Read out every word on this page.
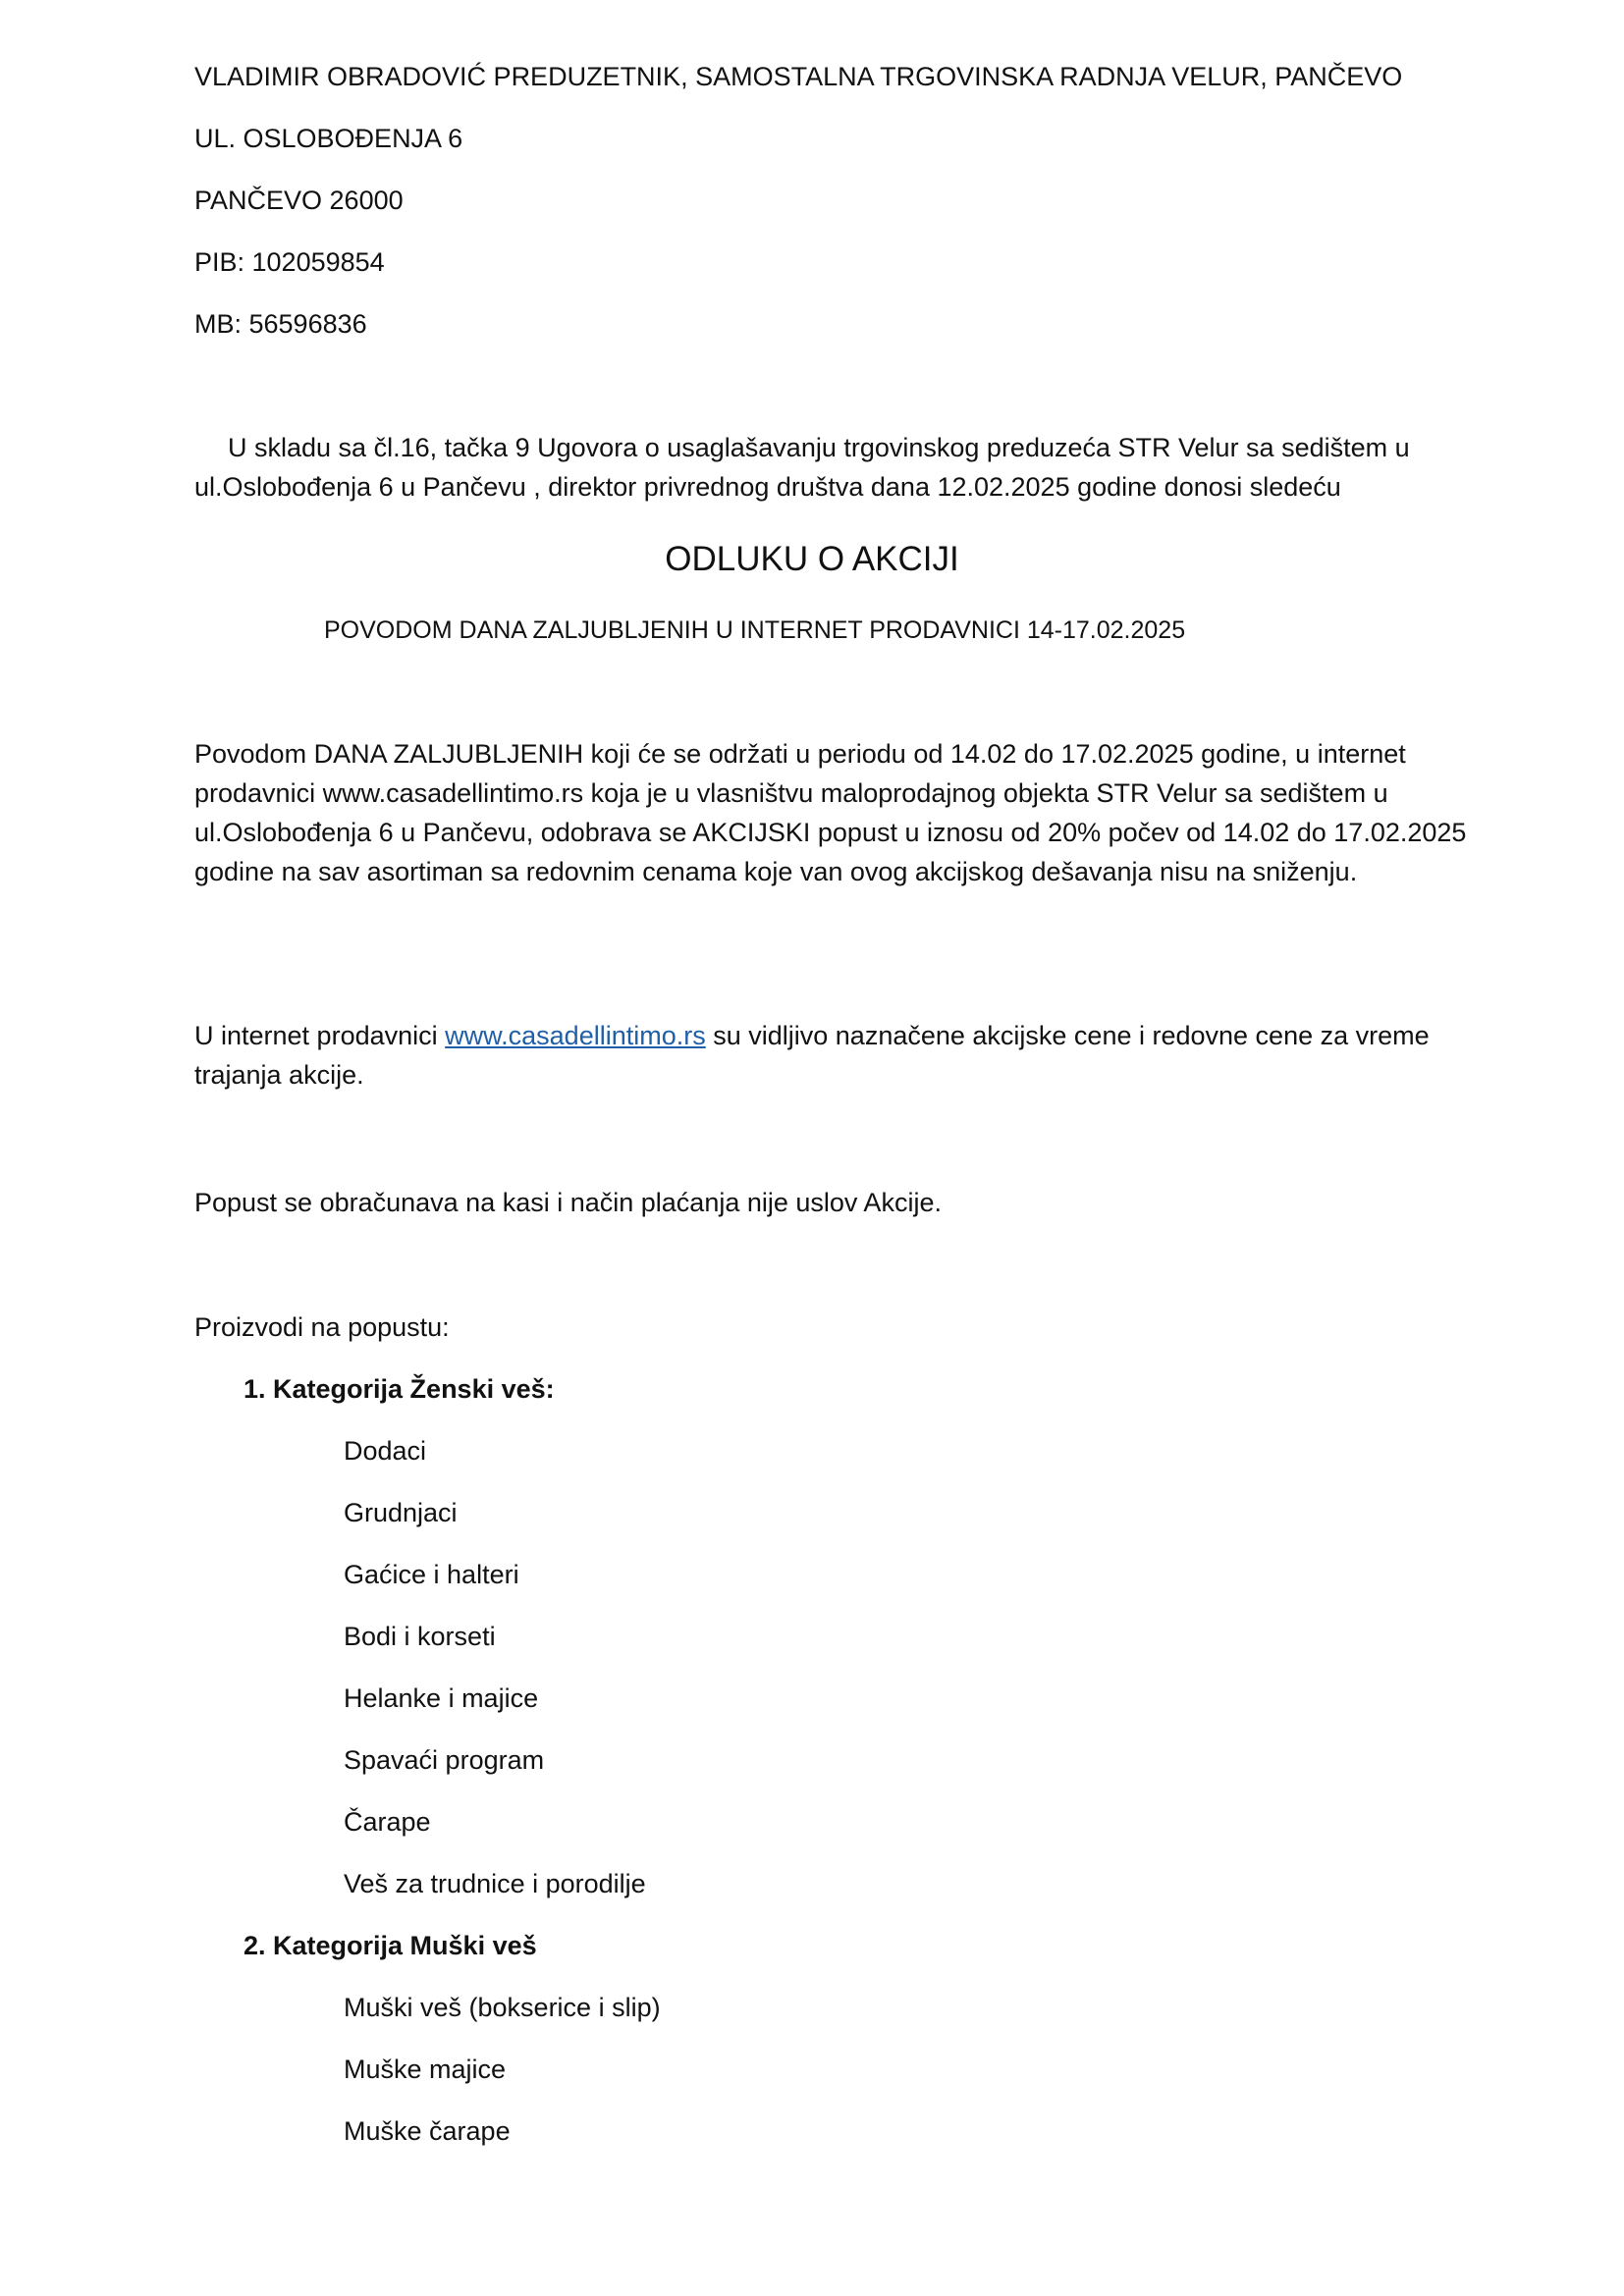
VLADIMIR OBRADOVIĆ PREDUZETNIK, SAMOSTALNA TRGOVINSKA RADNJA VELUR, PANČEVO

UL. OSLOBOĐENJA 6

PANČEVO 26000

PIB: 102059854

MB: 56596836

U skladu sa čl.16, tačka 9 Ugovora o usaglašavanju trgovinskog preduzeća STR Velur sa sedištem u ul.Oslobođenja 6 u Pančevu , direktor privrednog društva dana 12.02.2025 godine donosi sledeću

ODLUKU O AKCIJI

POVODOM DANA ZALJUBLJENIH U INTERNET PRODAVNICI 14-17.02.2025

Povodom DANA ZALJUBLJENIH koji će se održati u periodu od 14.02 do 17.02.2025 godine, u internet prodavnici www.casadellintimo.rs koja je u vlasništvu maloprodajnog objekta STR Velur sa sedištem u ul.Oslobođenja 6 u Pančevu, odobrava se AKCIJSKI popust u iznosu od 20% počev od 14.02 do 17.02.2025 godine na sav asortiman sa redovnim cenama koje van ovog akcijskog dešavanja nisu na sniženju.

U internet prodavnici www.casadellintimo.rs su vidljivo naznačene akcijske cene i redovne cene za vreme trajanja akcije.

Popust se obračunava na kasi i način plaćanja nije uslov Akcije.

Proizvodi na popustu:

1. Kategorija Ženski veš:

Dodaci

Grudnjaci

Gaćice i halteri

Bodi i korseti

Helanke i majice

Spavaći program

Čarape

Veš za trudnice i porodilje

2. Kategorija Muški veš

Muški veš (bokserice i slip)

Muške majice

Muške čarape
